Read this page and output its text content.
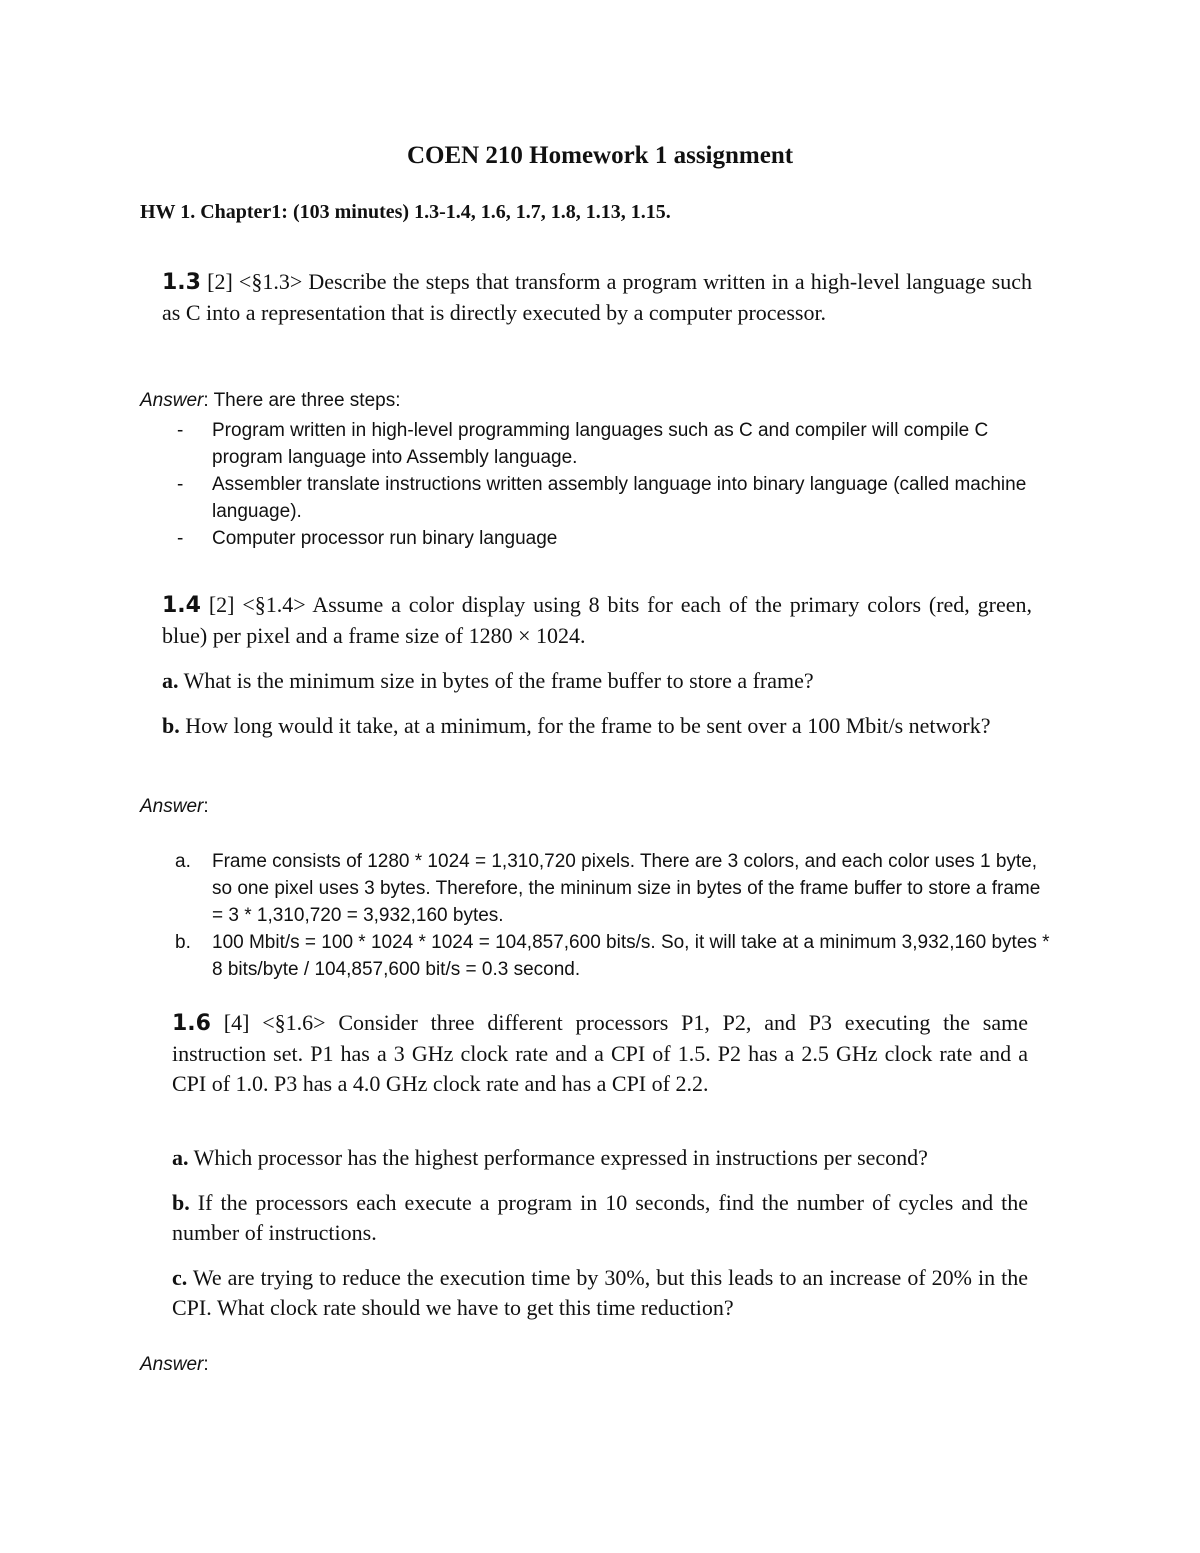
COEN 210 Homework 1 assignment
HW 1. Chapter1: (103 minutes) 1.3-1.4, 1.6, 1.7, 1.8, 1.13, 1.15.
1.3 [2] <§1.3> Describe the steps that transform a program written in a high-level language such as C into a representation that is directly executed by a computer processor.
Answer: There are three steps:
- Program written in high-level programming languages such as C and compiler will compile C program language into Assembly language.
- Assembler translate instructions written assembly language into binary language (called machine language).
- Computer processor run binary language
1.4 [2] <§1.4> Assume a color display using 8 bits for each of the primary colors (red, green, blue) per pixel and a frame size of 1280 × 1024.
a. What is the minimum size in bytes of the frame buffer to store a frame?
b. How long would it take, at a minimum, for the frame to be sent over a 100 Mbit/s network?
Answer:
a. Frame consists of 1280 * 1024 = 1,310,720 pixels. There are 3 colors, and each color uses 1 byte, so one pixel uses 3 bytes. Therefore, the mininum size in bytes of the frame buffer to store a frame = 3 * 1,310,720 = 3,932,160 bytes.
b. 100 Mbit/s = 100 * 1024 * 1024 = 104,857,600 bits/s. So, it will take at a minimum 3,932,160 bytes * 8 bits/byte / 104,857,600 bit/s = 0.3 second.
1.6 [4] <§1.6> Consider three different processors P1, P2, and P3 executing the same instruction set. P1 has a 3 GHz clock rate and a CPI of 1.5. P2 has a 2.5 GHz clock rate and a CPI of 1.0. P3 has a 4.0 GHz clock rate and has a CPI of 2.2.
a. Which processor has the highest performance expressed in instructions per second?
b. If the processors each execute a program in 10 seconds, find the number of cycles and the number of instructions.
c. We are trying to reduce the execution time by 30%, but this leads to an increase of 20% in the CPI. What clock rate should we have to get this time reduction?
Answer:
